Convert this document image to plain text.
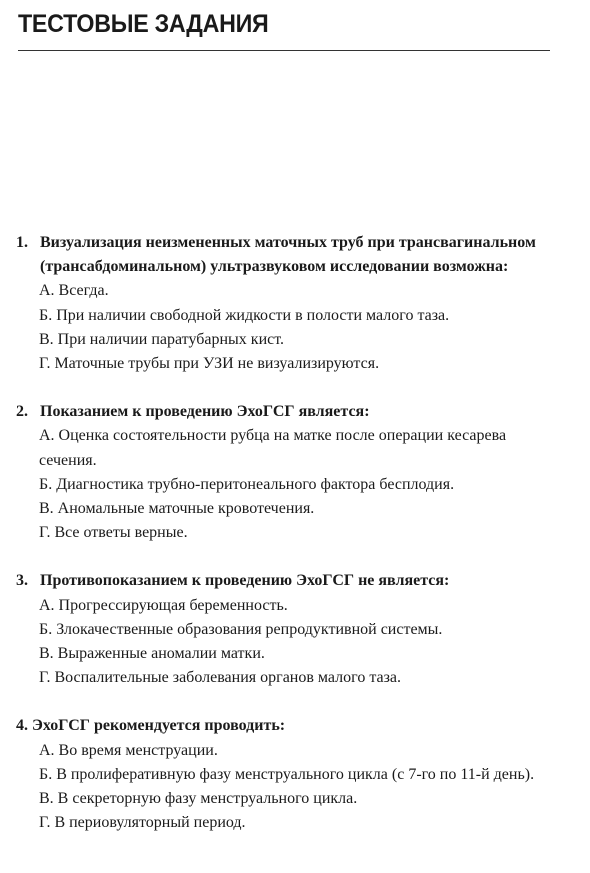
ТЕСТОВЫЕ ЗАДАНИЯ
1. Визуализация неизмененных маточных труб при трансвагинальном (трансабдоминальном) ультразвуковом исследовании возможна:
А. Всегда.
Б. При наличии свободной жидкости в полости малого таза.
В. При наличии паратубарных кист.
Г. Маточные трубы при УЗИ не визуализируются.
2. Показанием к проведению ЭхоГСГ является:
А. Оценка состоятельности рубца на матке после операции кесарева сечения.
Б. Диагностика трубно-перитонеального фактора бесплодия.
В. Аномальные маточные кровотечения.
Г. Все ответы верные.
3. Противопоказанием к проведению ЭхоГСГ не является:
А. Прогрессирующая беременность.
Б. Злокачественные образования репродуктивной системы.
В. Выраженные аномалии матки.
Г. Воспалительные заболевания органов малого таза.
4. ЭхоГСГ рекомендуется проводить:
А. Во время менструации.
Б. В пролиферативную фазу менструального цикла (с 7-го по 11-й день).
В. В секреторную фазу менструального цикла.
Г. В периовуляторный период.
